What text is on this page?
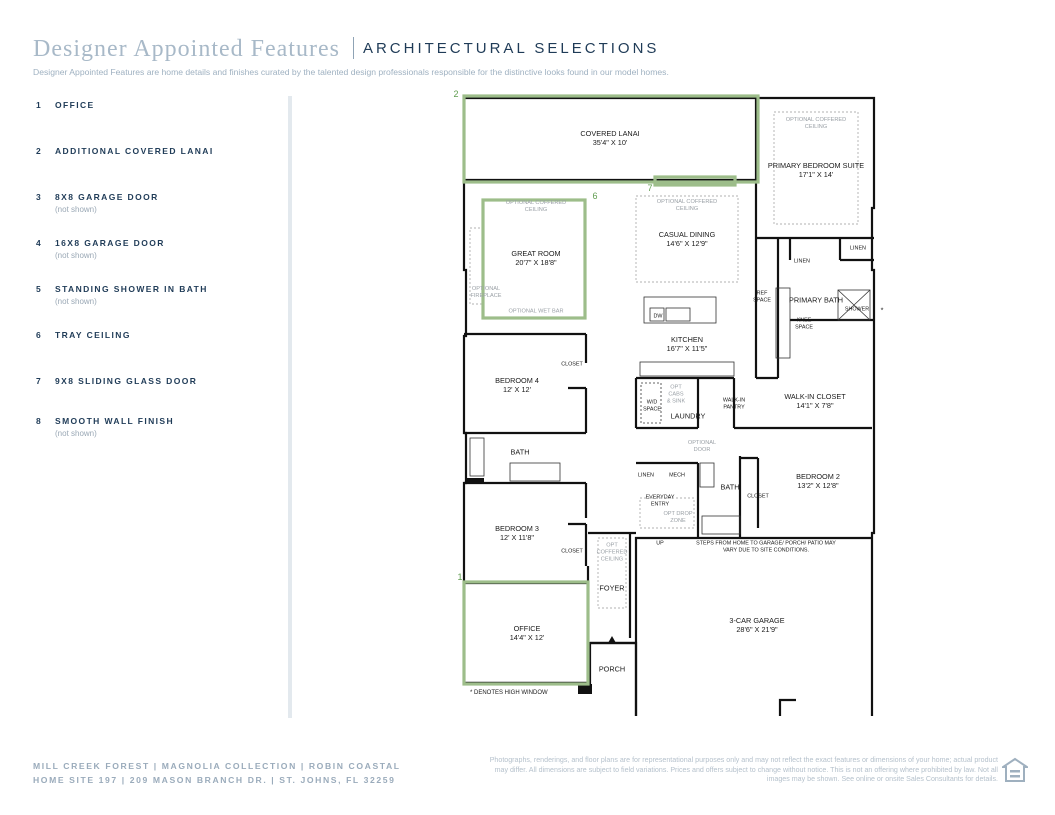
Designer Appointed Features ARCHITECTURAL SELECTIONS
Designer Appointed Features are home details and finishes curated by the talented design professionals responsible for the distinctive looks found in our model homes.
1 OFFICE
2 ADDITIONAL COVERED LANAI
3 8X8 GARAGE DOOR
(not shown)
4 16X8 GARAGE DOOR
(not shown)
5 STANDING SHOWER IN BATH
(not shown)
6 TRAY CEILING
7 9X8 SLIDING GLASS DOOR
8 SMOOTH WALL FINISH
(not shown)
2
6
7
1
COVERED LANAI
35'4" X 10'
PRIMARY BEDROOM SUITE
17'1" X 14'
GREAT ROOM
20'7" X 18'8"
CASUAL DINING
14'6" X 12'9"
KITCHEN
16'7" X 11'5"
PRIMARY BATH
WALK-IN CLOSET
14'1" X 7'8"
BEDROOM 4
12' X 12'
BATH
LAUNDRY
BATH
BEDROOM 2
13'2" X 12'8"
BEDROOM 3
12' X 11'8"
FOYER
OFFICE
14'4" X 12'
PORCH
3-CAR GARAGE
28'6" X 21'9"
OPTIONAL COFFERED CEILING
OPTIONAL COFFERED CEILING
OPTIONAL COFFERED CEILING
OPTIONAL FIREPLACE
OPTIONAL WET BAR
LINEN
LINEN
REF SPACE
KNEE SPACE
SHOWER *
DW
CLOSET
CLOSET
CLOSET
W/D SPACE
OPT CABS & SINK	WALK-IN PANTRY
OPTIONAL DOOR
LINEN	MECH
EVERYDAY ENTRY
OPT DROP ZONE
UP	STEPS FROM HOME TO GARAGE/ PORCH/ PATIO MAY VARY DUE TO SITE CONDITIONS.
OPT COFFERED CEILING
* DENOTES HIGH WINDOW
MILL CREEK FOREST | MAGNOLIA COLLECTION | ROBIN COASTAL
HOME SITE 197 | 209 MASON BRANCH DR. | ST. JOHNS, FL 32259
Photographs, renderings, and floor plans are for representational purposes only and may not reflect the exact features or dimensions of your home; actual product may differ. All dimensions are subject to field variations. Prices and offers subject to change without notice. This is not an offering where prohibited by law. Not all images may be shown. See online or onsite Sales Consultants for details.
